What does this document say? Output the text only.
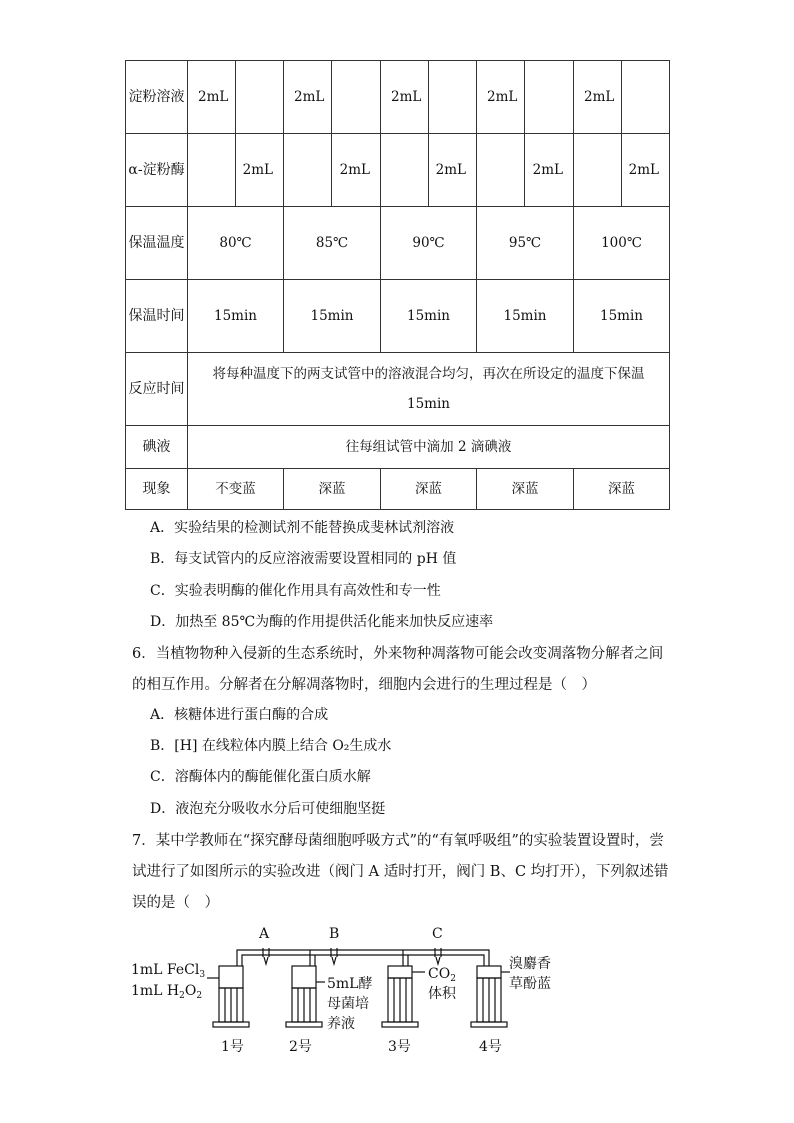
淀粉溶液	2mL		2mL		2mL		2mL		2mL	
α-淀粉酶		2mL		2mL		2mL		2mL		2mL
保温温度	80℃		85℃		90℃		95℃		100℃	
保温时间	15min		15min		15min		15min		15min	
反应时间	将每种温度下的两支试管中的溶液混合均匀，再次在所设定的温度下保温15min									
碘液	往每组试管中滴加 2 滴碘液									
现象	不变蓝		深蓝		深蓝		深蓝		深蓝	
A．实验结果的检测试剂不能替换成斐林试剂溶液
B．每支试管内的反应溶液需要设置相同的 pH 值
C．实验表明酶的催化作用具有高效性和专一性
D．加热至 85℃为酶的作用提供活化能来加快反应速率
6．当植物物种入侵新的生态系统时，外来物种凋落物可能会改变凋落物分解者之间的相互作用。分解者在分解凋落物时，细胞内会进行的生理过程是（　）
A．核糖体进行蛋白酶的合成
B．[H] 在线粒体内膜上结合 O₂生成水
C．溶酶体内的酶能催化蛋白质水解
D．液泡充分吸收水分后可使细胞坚挺
7．某中学教师在“探究酵母菌细胞呼吸方式”的“有氧呼吸组”的实验装置设置时，尝试进行了如图所示的实验改进（阀门 A 适时打开，阀门 B、C 均打开），下列叙述错误的是（　）
A	B	C
1mL FeCl$_3$
1mL $H_2O_2$
5mL酵
母菌培
养液
$CO_2$
体积
溴麝香
草酚蓝
1号	2号	3号	4号
